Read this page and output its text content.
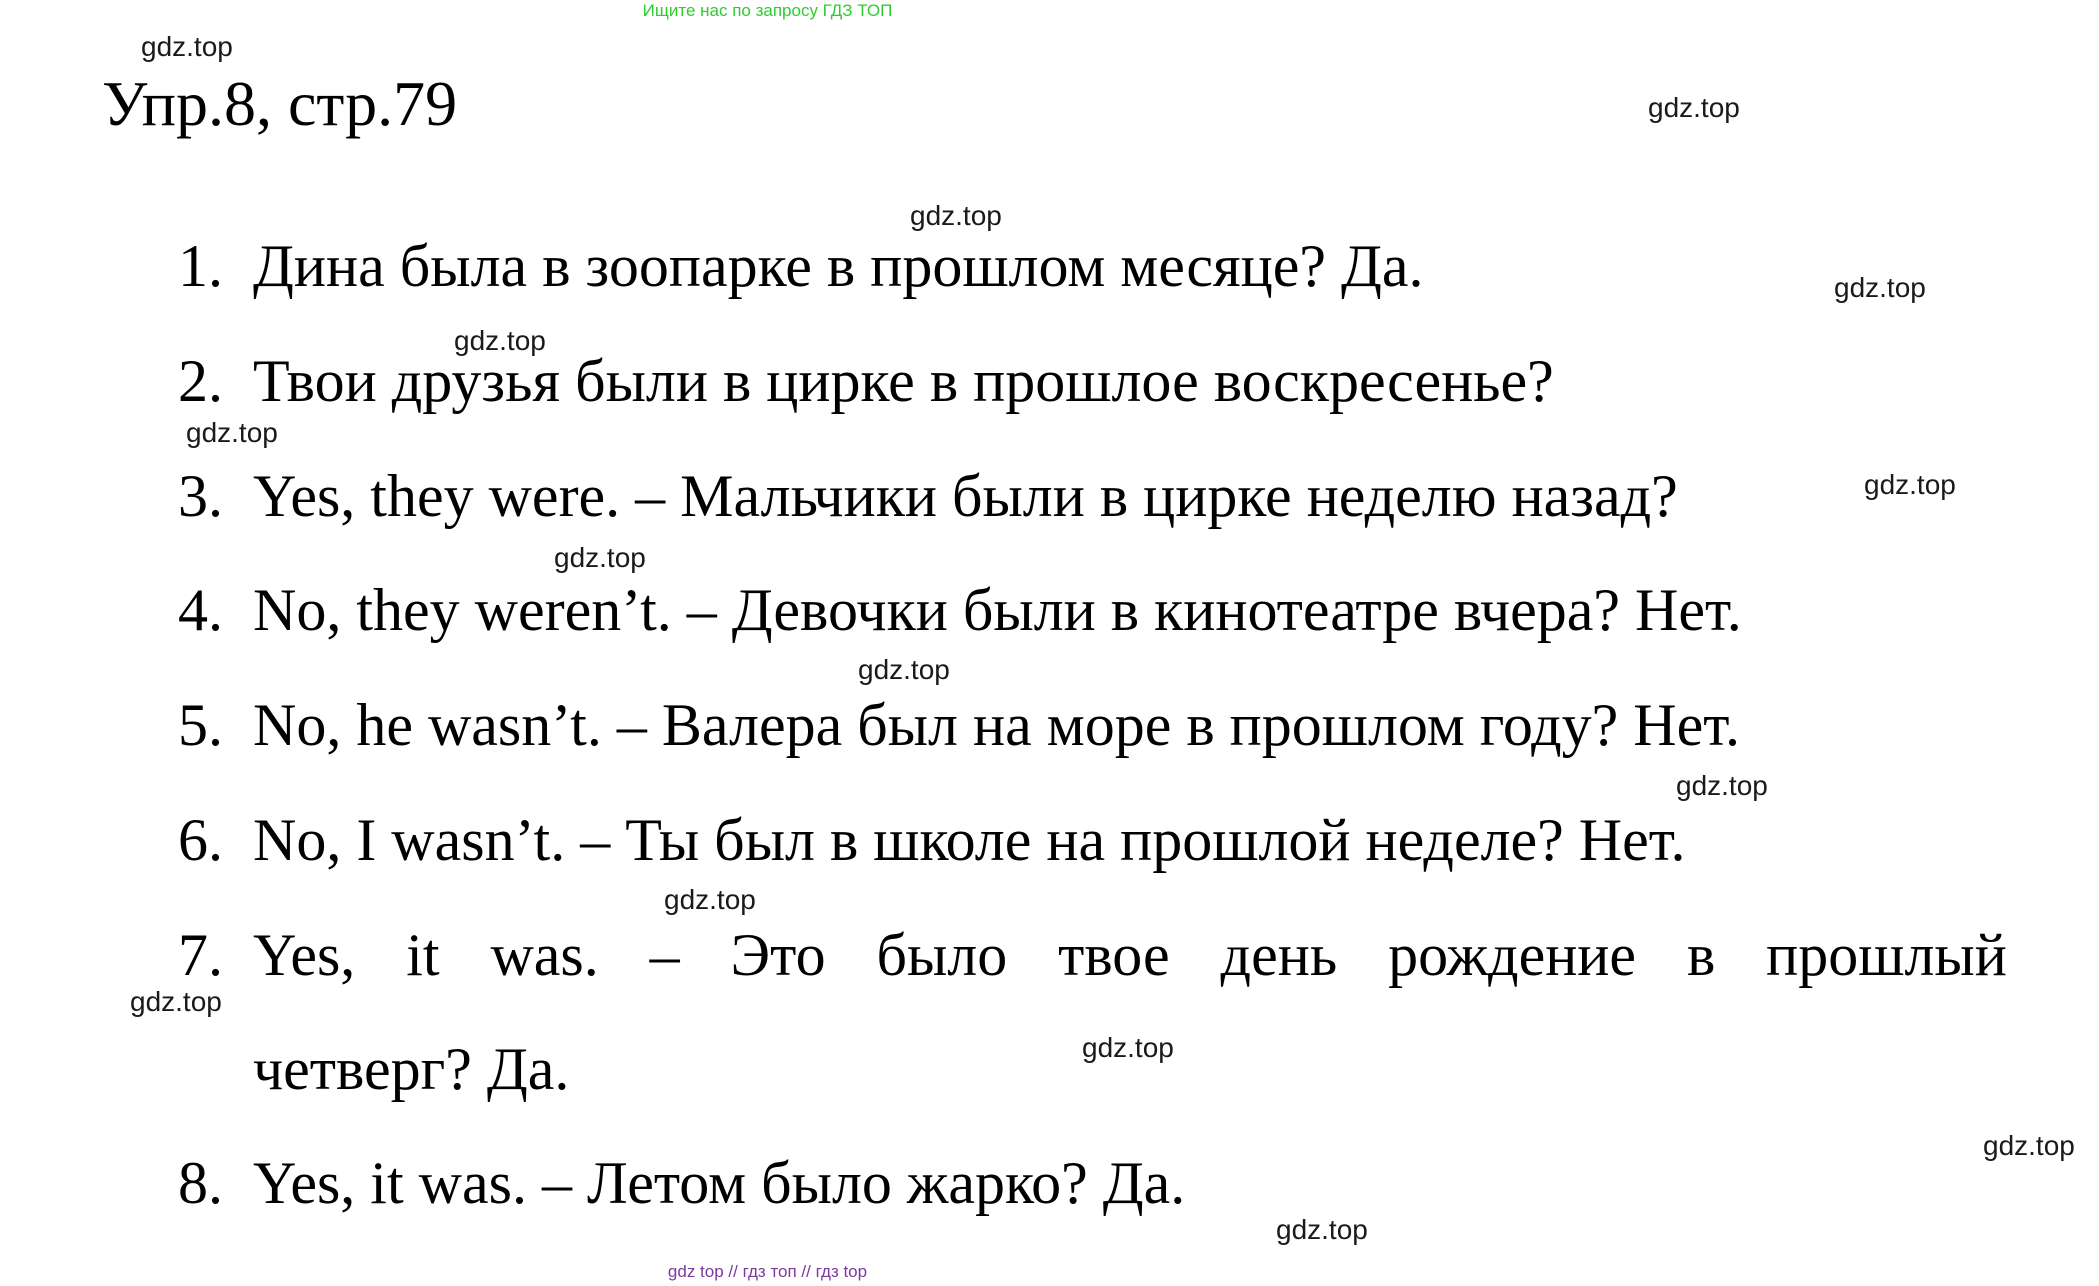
Ищите нас по запросу ГДЗ ТОП
Упр.8, стр.79
1. Дина была в зоопарке в прошлом месяце? Да.
2. Твои друзья были в цирке в прошлое воскресенье?
3. Yes, they were. – Мальчики были в цирке неделю назад?
4. No, they weren’t. – Девочки были в кинотеатре вчера? Нет.
5. No, he wasn’t. – Валера был на море в прошлом году? Нет.
6. No, I wasn’t. – Ты был в школе на прошлой неделе? Нет.
7. Yes, it was. – Это было твое день рождение в прошлый
четверг? Да.
8. Yes, it was. – Летом было жарко? Да.
gdz.top
gdz.top
gdz.top
gdz.top
gdz.top
gdz.top
gdz.top
gdz.top
gdz.top
gdz.top
gdz.top
gdz.top
gdz.top
gdz.top
gdz.top
gdz top // гдз топ // гдз top
